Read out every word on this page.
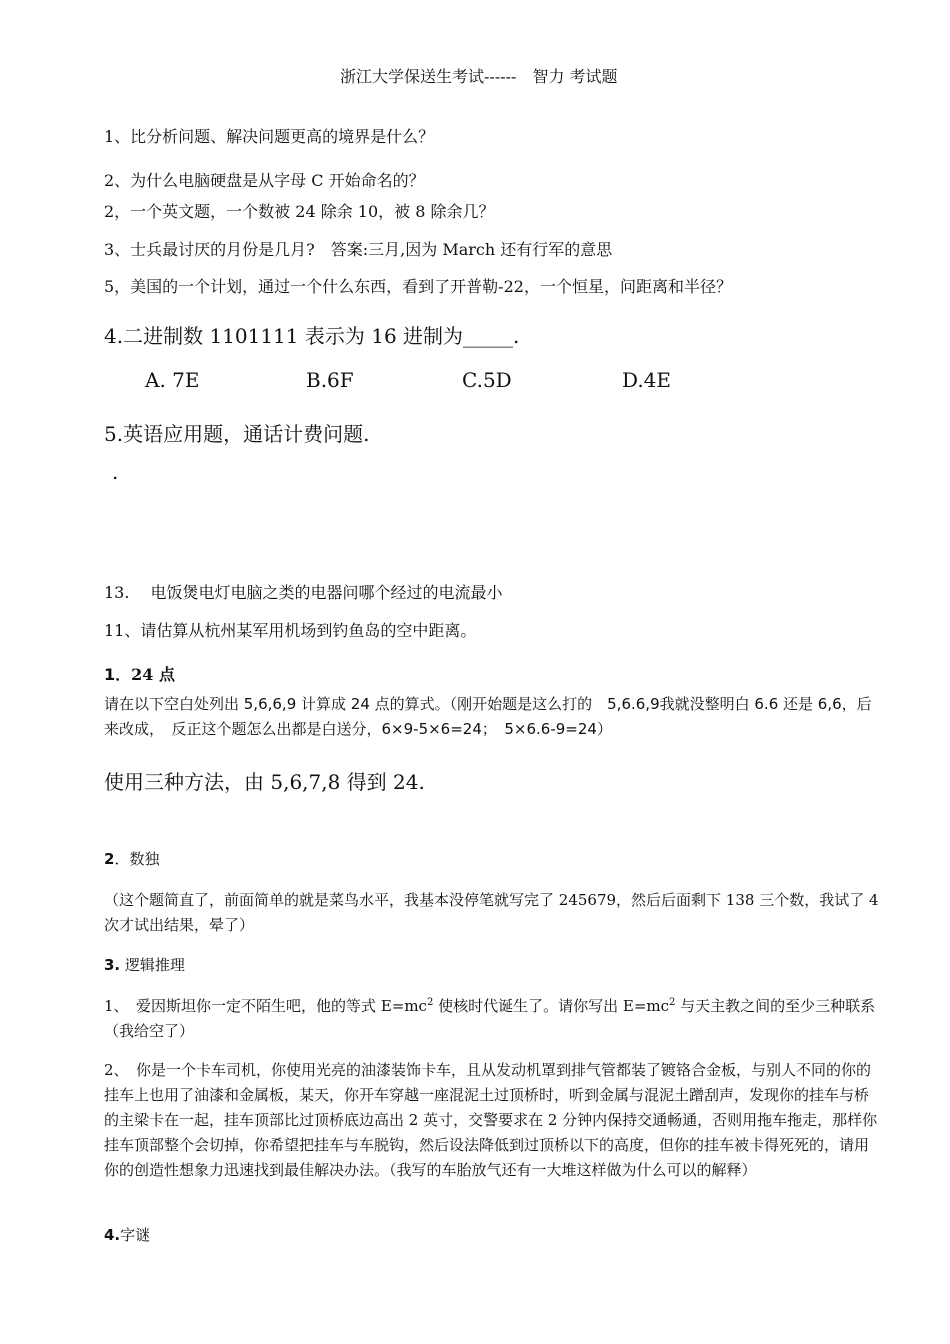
浙江大学保送生考试------　智力 考试题
1、比分析问题、解决问题更高的境界是什么？
2、为什么电脑硬盘是从字母 C 开始命名的？
2，一个英文题，一个数被 24 除余 10，被 8 除余几？
3、士兵最讨厌的月份是几月?　答案:三月,因为 March 还有行军的意思
5，美国的一个计划，通过一个什么东西，看到了开普勒-22，一个恒星，问距离和半径？
4.二进制数 1101111 表示为 16 进制为_____.
A. 7E	B.6F	C.5D	D.4E
5.英语应用题，通话计费问题.
.
13.　 电饭煲电灯电脑之类的电器问哪个经过的电流最小
11、请估算从杭州某军用机场到钓鱼岛的空中距离。
1．24 点
请在以下空白处列出 5,6,6,9 计算成 24 点的算式。（刚开始题是这么打的　5,6.6,9我就没整明白 6.6 还是 6,6，后来改成，　反正这个题怎么出都是白送分，6×9-5×6=24；　5×6.6-9=24）
使用三种方法，由 5,6,7,8 得到 24.
2．数独
（这个题简直了，前面简单的就是菜鸟水平，我基本没停笔就写完了 245679，然后后面剩下 138 三个数，我试了 4 次才试出结果，晕了）
3. 逻辑推理
1、　爱因斯坦你一定不陌生吧，他的等式 $E=mc^2$ 使核时代诞生了。请你写出 $E=mc^2$ 与天主教之间的至少三种联系（我给空了）
2、　你是一个卡车司机，你使用光亮的油漆装饰卡车，且从发动机罩到排气管都装了镀铬合金板，与别人不同的你的挂车上也用了油漆和金属板，某天，你开车穿越一座混泥土过顶桥时，听到金属与混泥土蹭刮声，发现你的挂车与桥的主梁卡在一起，挂车顶部比过顶桥底边高出 2 英寸，交警要求在 2 分钟内保持交通畅通，否则用拖车拖走，那样你挂车顶部整个会切掉，你希望把挂车与车脱钩，然后设法降低到过顶桥以下的高度，但你的挂车被卡得死死的，请用你的创造性想象力迅速找到最佳解决办法。（我写的车胎放气还有一大堆这样做为什么可以的解释）
4.字谜
